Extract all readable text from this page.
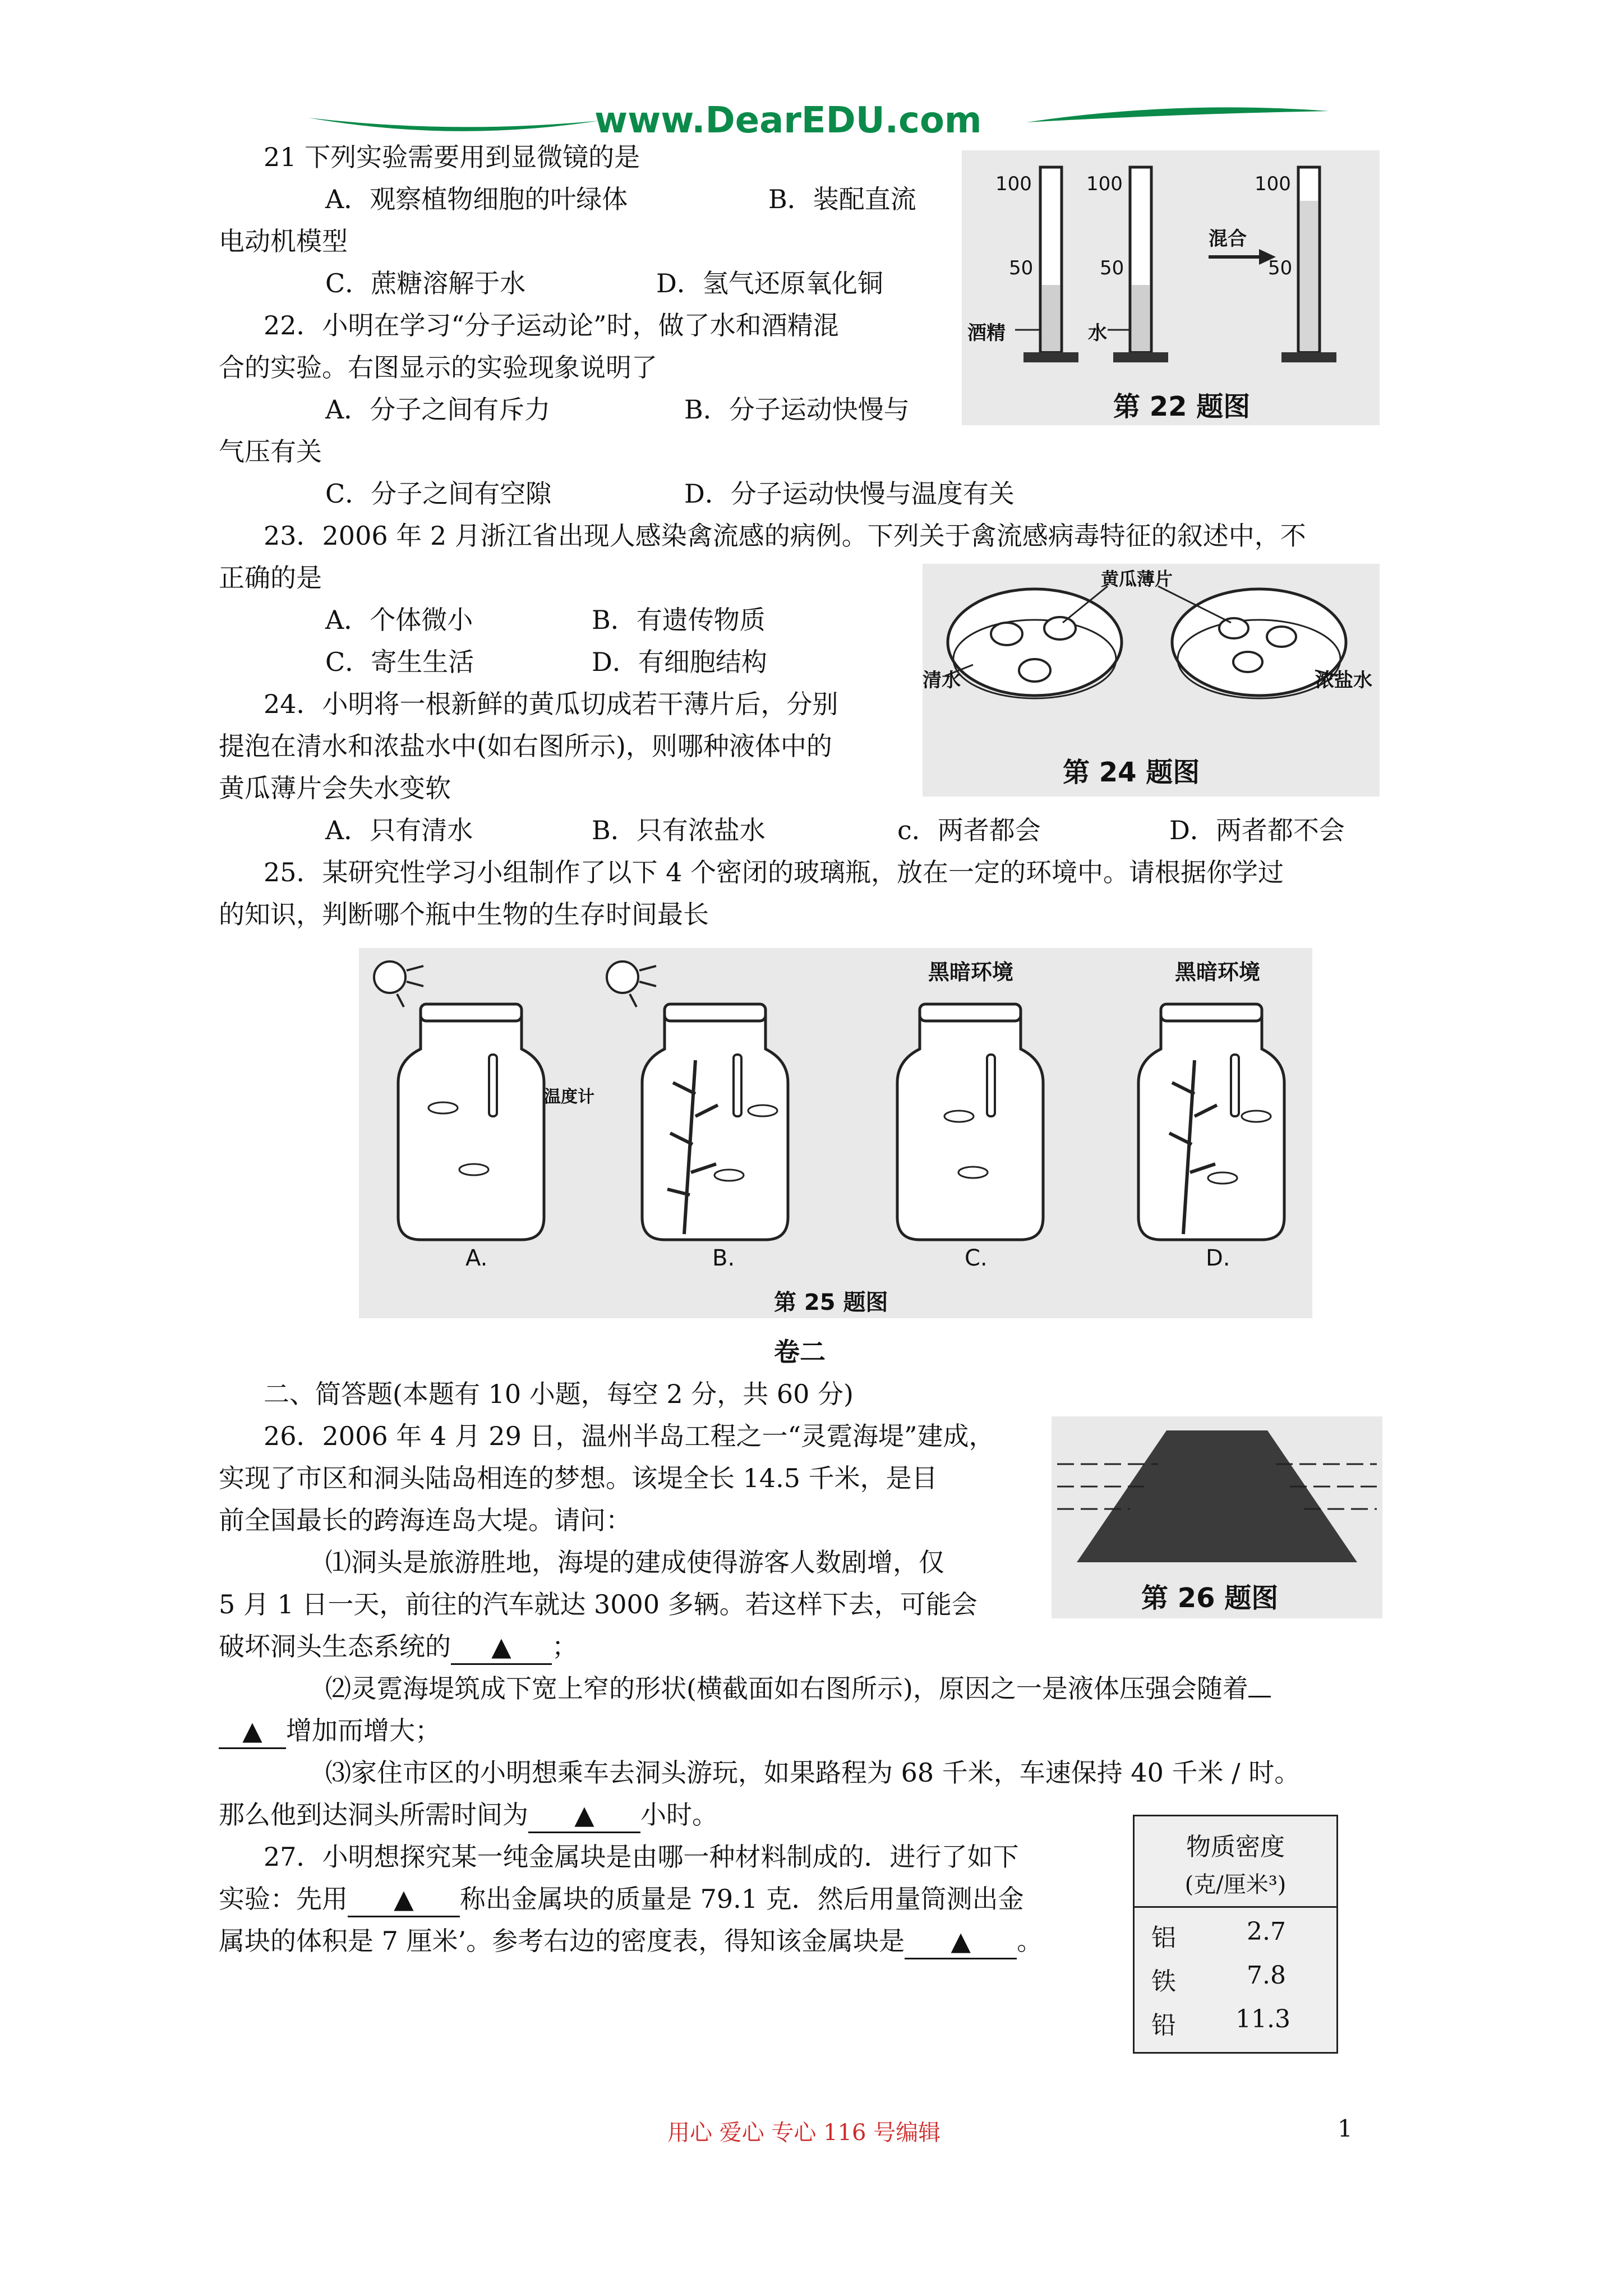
www.DearEDU.com
21 下列实验需要用到显微镜的是
A．观察植物细胞的叶绿体	B．装配直流
电动机模型
C．蔗糖溶解于水	D．氢气还原氧化铜
22．小明在学习“分子运动论”时，做了水和酒精混
合的实验。右图显示的实验现象说明了
A．分子之间有斥力	B．分子运动快慢与
气压有关
C．分子之间有空隙	D．分子运动快慢与温度有关
100	100	100
50	50	50
酒精	水
混合
第 22 题图
23．2006 年 2 月浙江省出现人感染禽流感的病例。下列关于禽流感病毒特征的叙述中，不
正确的是
A．个体微小	B．有遗传物质
C．寄生生活	D．有细胞结构
黄瓜薄片
清水	浓盐水
第 24 题图
24．小明将一根新鲜的黄瓜切成若干薄片后，分别
提泡在清水和浓盐水中(如右图所示)，则哪种液体中的
黄瓜薄片会失水变软
A．只有清水	B．只有浓盐水	c．两者都会	D．两者都不会
25．某研究性学习小组制作了以下 4 个密闭的玻璃瓶，放在一定的环境中。请根据你学过
的知识，判断哪个瓶中生物的生存时间最长
黑暗环境	黑暗环境
温度计
A.	B.	C.	D.
第 25 题图
卷二
二、简答题(本题有 10 小题，每空 2 分，共 60 分)
第 26 题图
26．2006 年 4 月 29 日，温州半岛工程之一“灵霓海堤”建成，
实现了市区和洞头陆岛相连的梦想。该堤全长 14.5 千米，是目
前全国最长的跨海连岛大堤。请问：
⑴洞头是旅游胜地，海堤的建成使得游客人数剧增，仅
5 月 1 日一天，前往的汽车就达 3000 多辆。若这样下去，可能会
破坏洞头生态系统的 ▲ ；
⑵灵霓海堤筑成下宽上窄的形状(横截面如右图所示)，原因之一是液体压强会随着
▲ 增加而增大；
⑶家住市区的小明想乘车去洞头游玩，如果路程为 68 千米，车速保持 40 千米 / 时。
那么他到达洞头所需时间为 ▲ 小时。
物质密度
(克/厘米³)
铝	2.7
铁	7.8
铅 11.3
27．小明想探究某一纯金属块是由哪一种材料制成的．进行了如下
实验：先用 ▲ 称出金属块的质量是 79.1 克．然后用量筒测出金
属块的体积是 7 厘米’。参考右边的密度表，得知该金属块是 ▲ 。
用心 爱心 专心 116 号编辑	1
